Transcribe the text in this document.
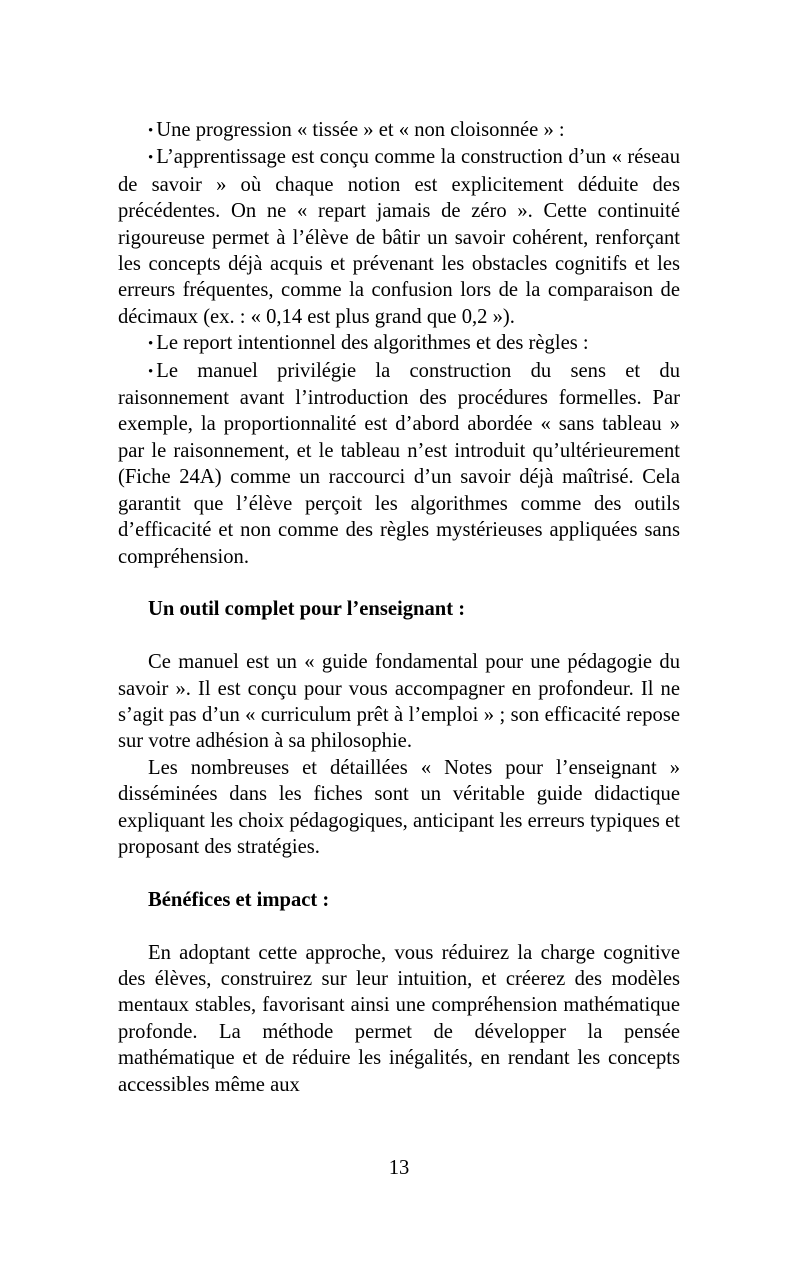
• Une progression « tissée » et « non cloisonnée » :

• L’apprentissage est conçu comme la construction d’un « réseau de savoir » où chaque notion est explicitement déduite des précédentes. On ne « repart jamais de zéro ». Cette continuité rigoureuse permet à l’élève de bâtir un savoir cohérent, renforçant les concepts déjà acquis et prévenant les obstacles cognitifs et les erreurs fréquentes, comme la confusion lors de la comparaison de décimaux (ex. : « 0,14 est plus grand que 0,2 »).

• Le report intentionnel des algorithmes et des règles :

• Le manuel privilégie la construction du sens et du raisonnement avant l’introduction des procédures formelles. Par exemple, la proportionnalité est d’abord abordée « sans tableau » par le raisonnement, et le tableau n’est introduit qu’ultérieurement (Fiche 24A) comme un raccourci d’un savoir déjà maîtrisé. Cela garantit que l’élève perçoit les algorithmes comme des outils d’efficacité et non comme des règles mystérieuses appliquées sans compréhension.

Un outil complet pour l’enseignant :

Ce manuel est un « guide fondamental pour une pédagogie du savoir ». Il est conçu pour vous accompagner en profondeur. Il ne s’agit pas d’un « curriculum prêt à l’emploi » ; son efficacité repose sur votre adhésion à sa philosophie.

Les nombreuses et détaillées « Notes pour l’enseignant » disséminées dans les fiches sont un véritable guide didactique expliquant les choix pédagogiques, anticipant les erreurs typiques et proposant des stratégies.

Bénéfices et impact :

En adoptant cette approche, vous réduirez la charge cognitive des élèves, construirez sur leur intuition, et créerez des modèles mentaux stables, favorisant ainsi une compréhension mathématique profonde. La méthode permet de développer la pensée mathématique et de réduire les inégalités, en rendant les concepts accessibles même aux

13
